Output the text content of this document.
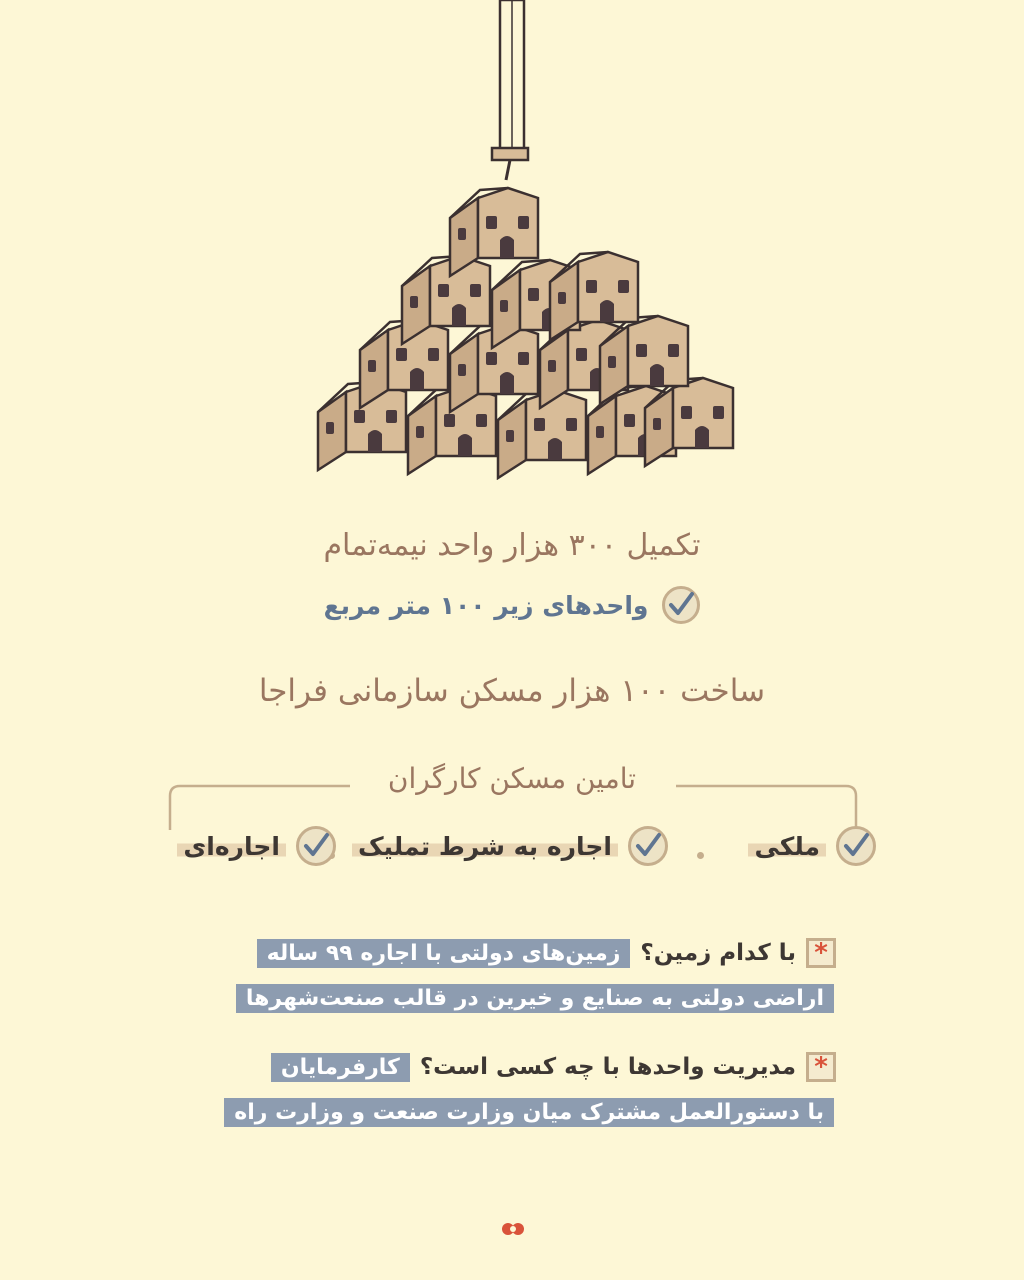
تکمیل ۳۰۰ هزار واحد نیمه‌تمام
واحدهای زیر ۱۰۰ متر مربع
ساخت ۱۰۰ هزار مسکن سازمانی فراجا
تامین مسکن کارگران
ملکی
اجاره به شرط تملیک
اجاره‌ای
*
با کدام زمین؟
زمین‌های دولتی با اجاره ۹۹ ساله
اراضی دولتی به صنایع و خیرین در قالب صنعت‌شهرها
*
مدیریت واحدها با چه کسی است؟
کارفرمایان
با دستورالعمل مشترک میان وزارت صنعت و وزارت راه
